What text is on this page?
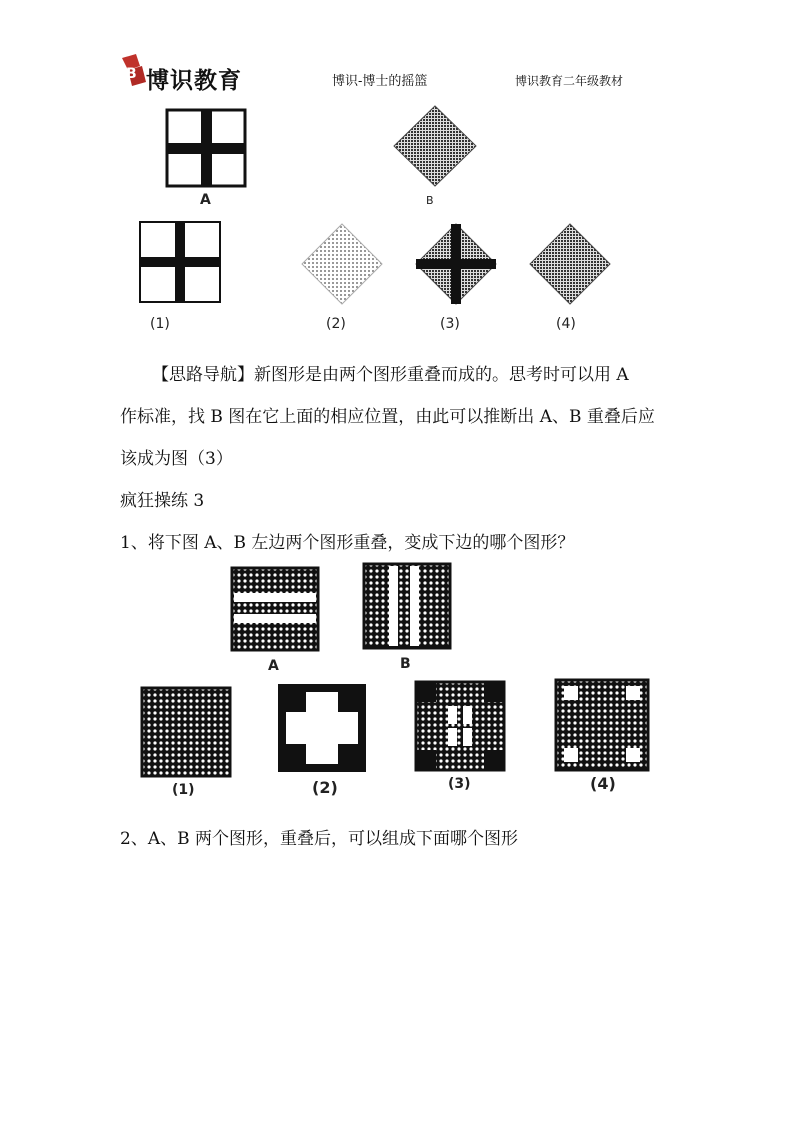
B 博识教育	博识-博士的摇篮	博识教育二年级教材
A	B
(1)	(2)	(3)	(4)
【思路导航】新图形是由两个图形重叠而成的。思考时可以用 A
作标准，找 B 图在它上面的相应位置，由此可以推断出 A、B 重叠后应
该成为图（3）
疯狂操练 3
1、将下图 A、B 左边两个图形重叠，变成下边的哪个图形？
A	B
(1)	(2)	(3)	(4)
2、A、B 两个图形，重叠后，可以组成下面哪个图形
